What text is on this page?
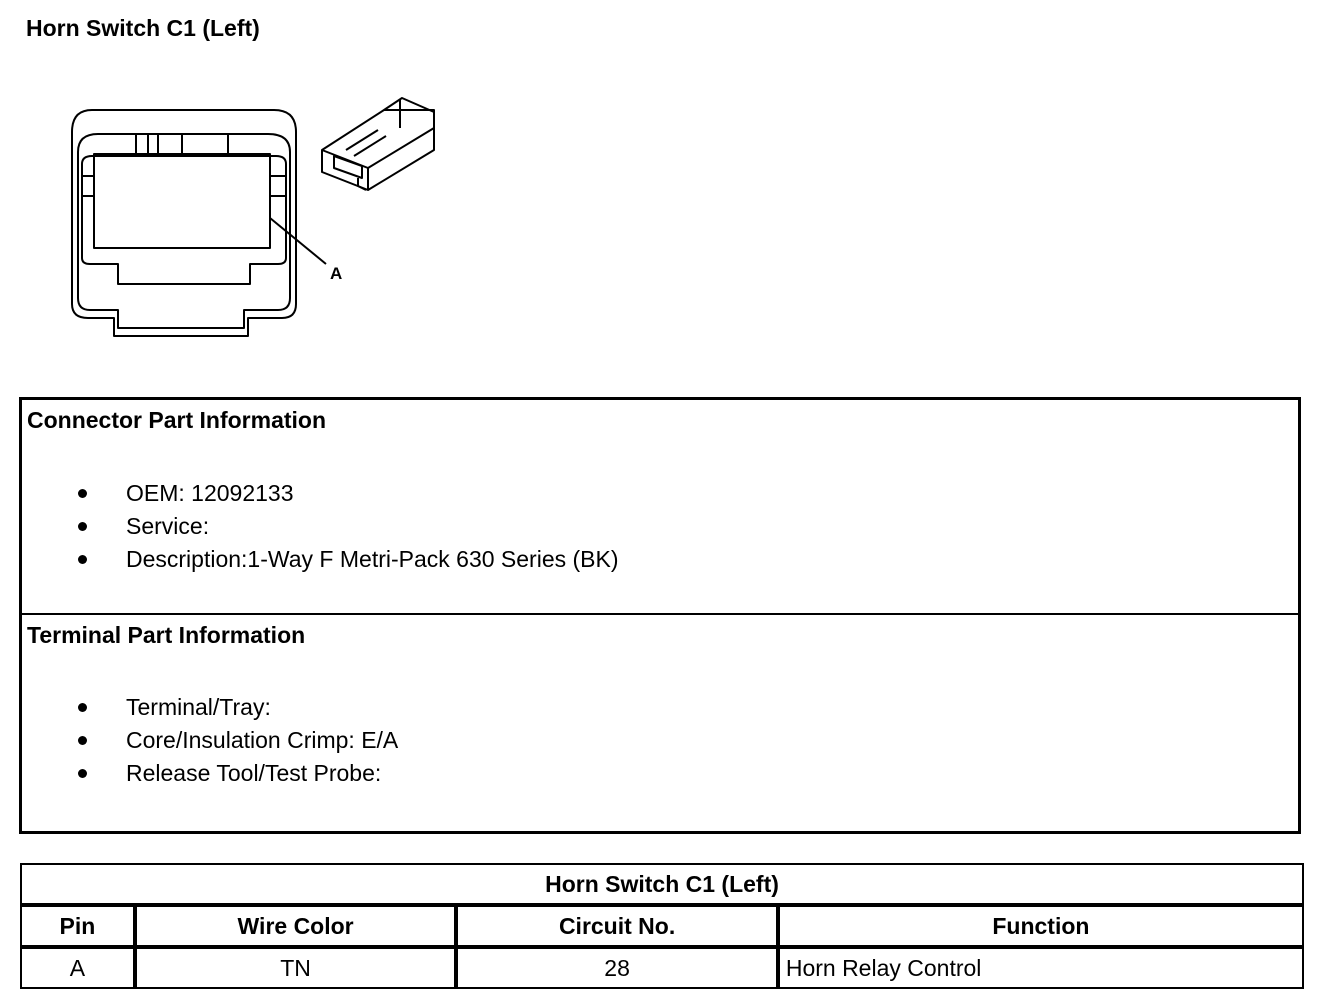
Horn Switch C1 (Left)
A
Connector Part Information
OEM: 12092133
Service:
Description:1-Way F Metri-Pack 630 Series (BK)
Terminal Part Information
Terminal/Tray:
Core/Insulation Crimp: E/A
Release Tool/Test Probe:
Horn Switch C1 (Left)			
Pin	Wire Color	Circuit No.	Function
A	TN	28	Horn Relay Control
